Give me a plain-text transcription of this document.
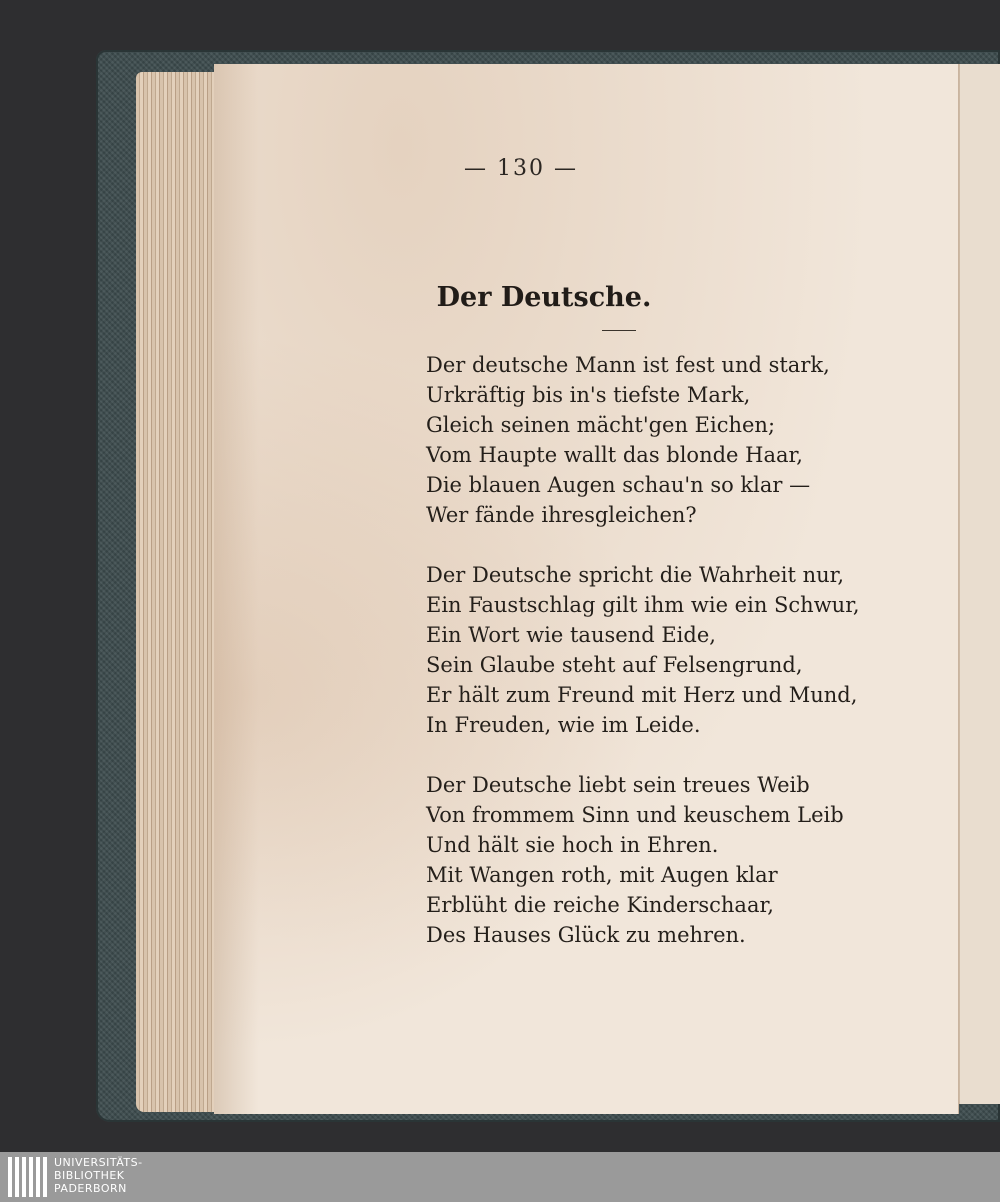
— 130 —
Der Deutsche.
Der deutsche Mann ist fest und stark,
Urkräftig bis in's tiefste Mark,
Gleich seinen mächt'gen Eichen;
Vom Haupte wallt das blonde Haar,
Die blauen Augen schau'n so klar —
Wer fände ihresgleichen?
Der Deutsche spricht die Wahrheit nur,
Ein Faustschlag gilt ihm wie ein Schwur,
Ein Wort wie tausend Eide,
Sein Glaube steht auf Felsengrund,
Er hält zum Freund mit Herz und Mund,
In Freuden, wie im Leide.
Der Deutsche liebt sein treues Weib
Von frommem Sinn und keuschem Leib
Und hält sie hoch in Ehren.
Mit Wangen roth, mit Augen klar
Erblüht die reiche Kinderschaar,
Des Hauses Glück zu mehren.
UNIVERSITÄTS-
BIBLIOTHEK
PADERBORN
